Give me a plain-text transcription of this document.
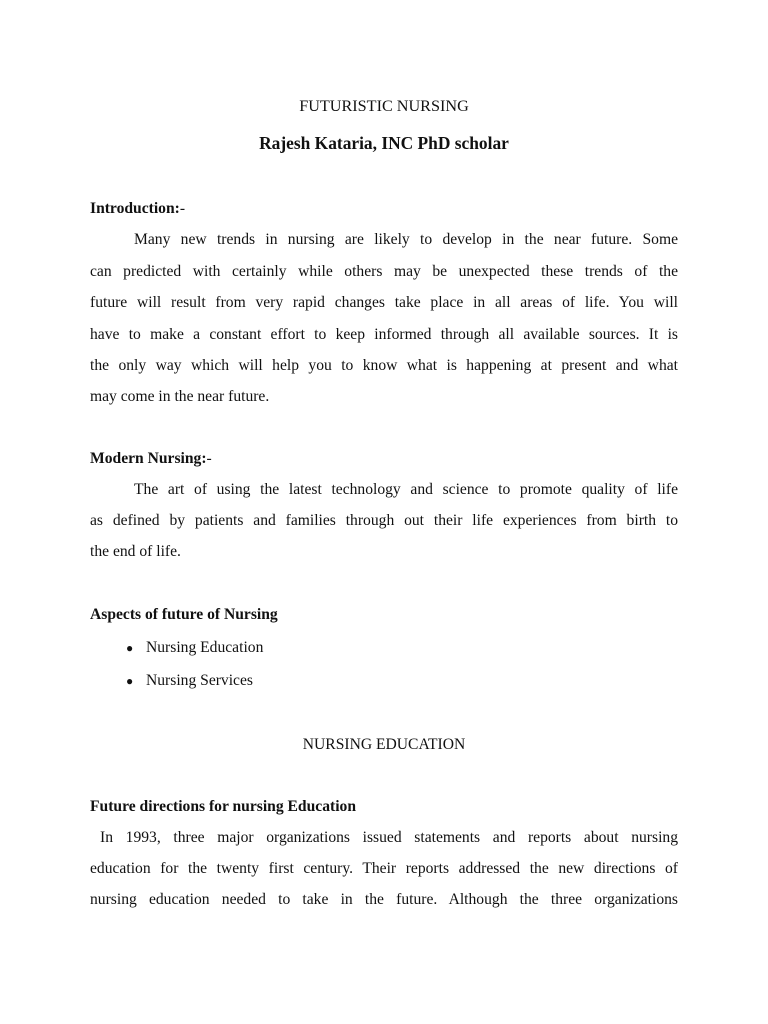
FUTURISTIC NURSING
Rajesh Kataria, INC PhD scholar
Introduction:-
Many new trends in nursing are likely to develop in the near future. Some
can predicted with certainly while others may be unexpected these trends of the
future will result from very rapid changes take place in all areas of life. You will
have to make a constant effort to keep informed through all available sources. It is
the only way which will help you to know what is happening at present and what
may come in the near future.
Modern Nursing:-
The art of using the latest technology and science to promote quality of life
as defined by patients and families through out their life experiences from birth to
the end of life.
Aspects of future of Nursing
● Nursing Education
● Nursing Services
NURSING EDUCATION
Future directions for nursing Education
In 1993, three major organizations issued statements and reports about nursing
education for the twenty first century. Their reports addressed the new directions of
nursing education needed to take in the future. Although the three organizations
